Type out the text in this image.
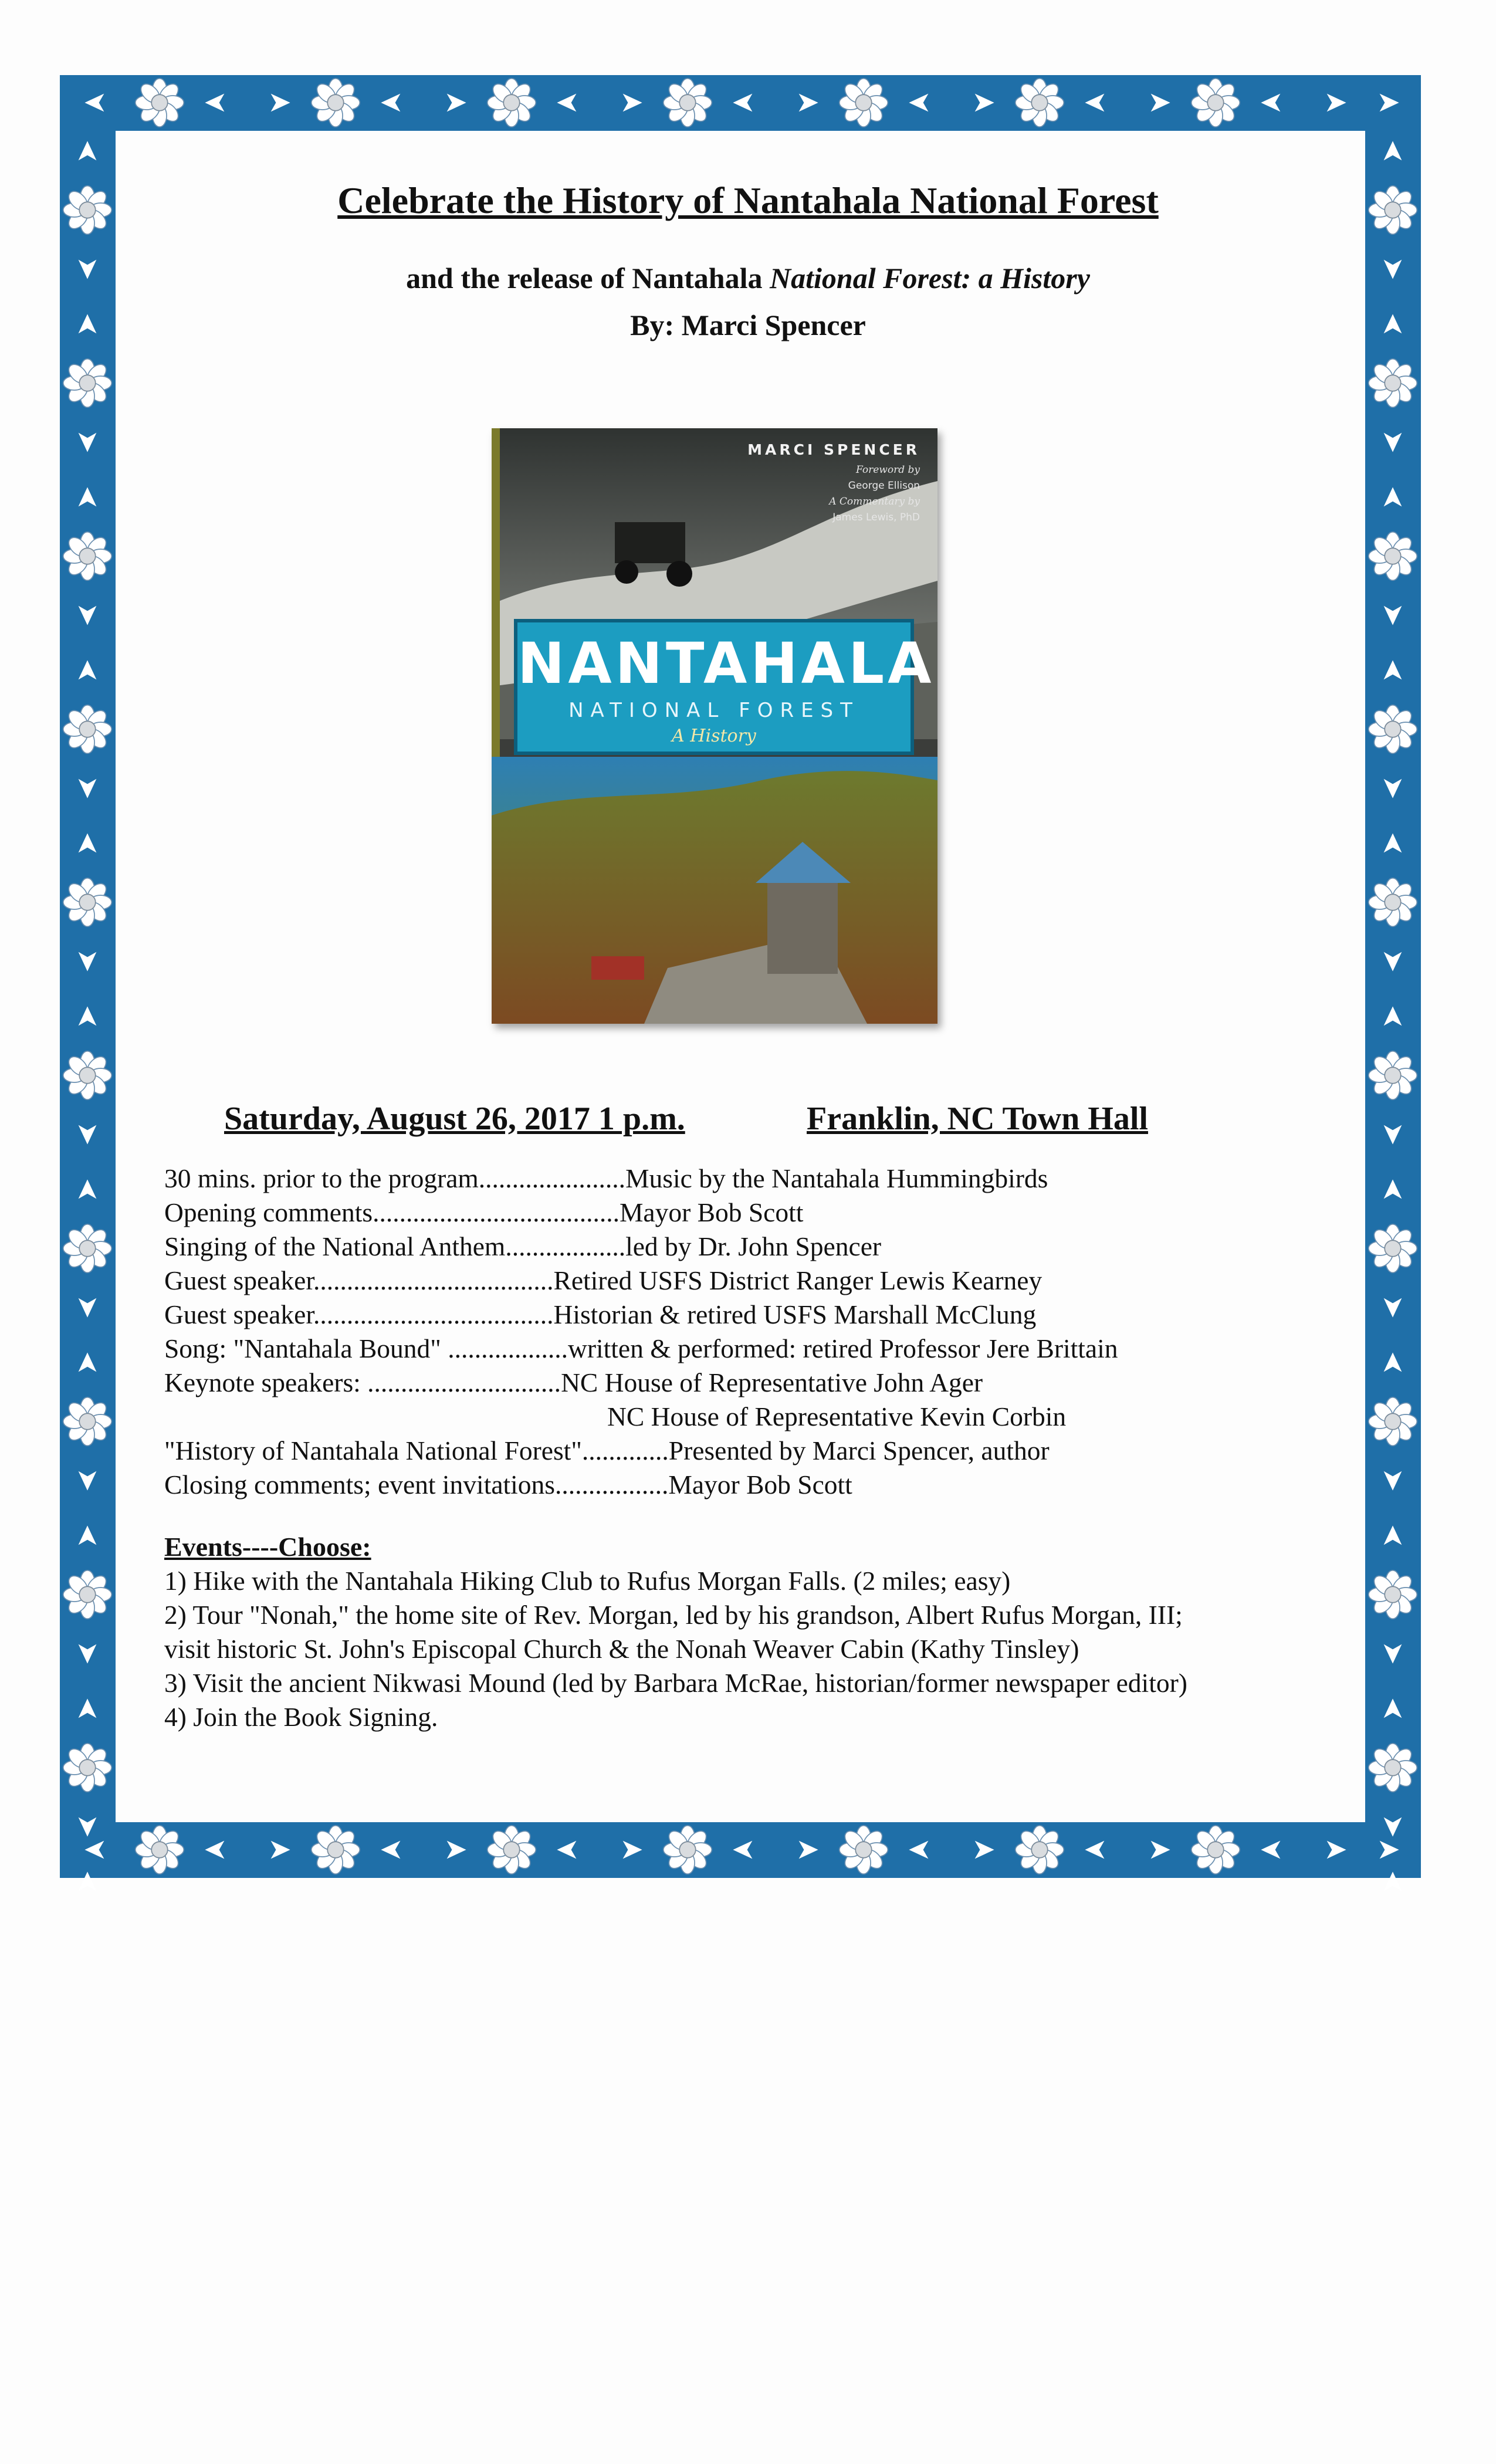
Celebrate the History of Nantahala National Forest
and the release of Nantahala National Forest: a History
By: Marci Spencer
Saturday, August 26, 2017 1 p.m.	Franklin, NC Town Hall
30 mins. prior to the program......................Music by the Nantahala Hummingbirds
Opening comments.....................................Mayor Bob Scott
Singing of the National Anthem..................led by Dr. John Spencer
Guest speaker....................................Retired USFS District Ranger Lewis Kearney
Guest speaker....................................Historian & retired USFS Marshall McClung
Song: "Nantahala Bound" ..................written & performed: retired Professor Jere Brittain
Keynote speakers: .............................NC House of Representative John Ager
NC House of Representative Kevin Corbin
"History of Nantahala National Forest".............Presented by Marci Spencer, author
Closing comments; event invitations.................Mayor Bob Scott
Events----Choose:
1) Hike with the Nantahala Hiking Club to Rufus Morgan Falls. (2 miles; easy)
2) Tour "Nonah," the home site of Rev. Morgan, led by his grandson, Albert Rufus Morgan, III;
visit historic St. John's Episcopal Church & the Nonah Weaver Cabin (Kathy Tinsley)
3) Visit the ancient Nikwasi Mound (led by Barbara McRae, historian/former newspaper editor)
4) Join the Book Signing.
MARCI SPENCER
Foreword by
George Ellison
A Commentary by
James Lewis, PhD
NANTAHALA
NATIONAL FOREST
A History
